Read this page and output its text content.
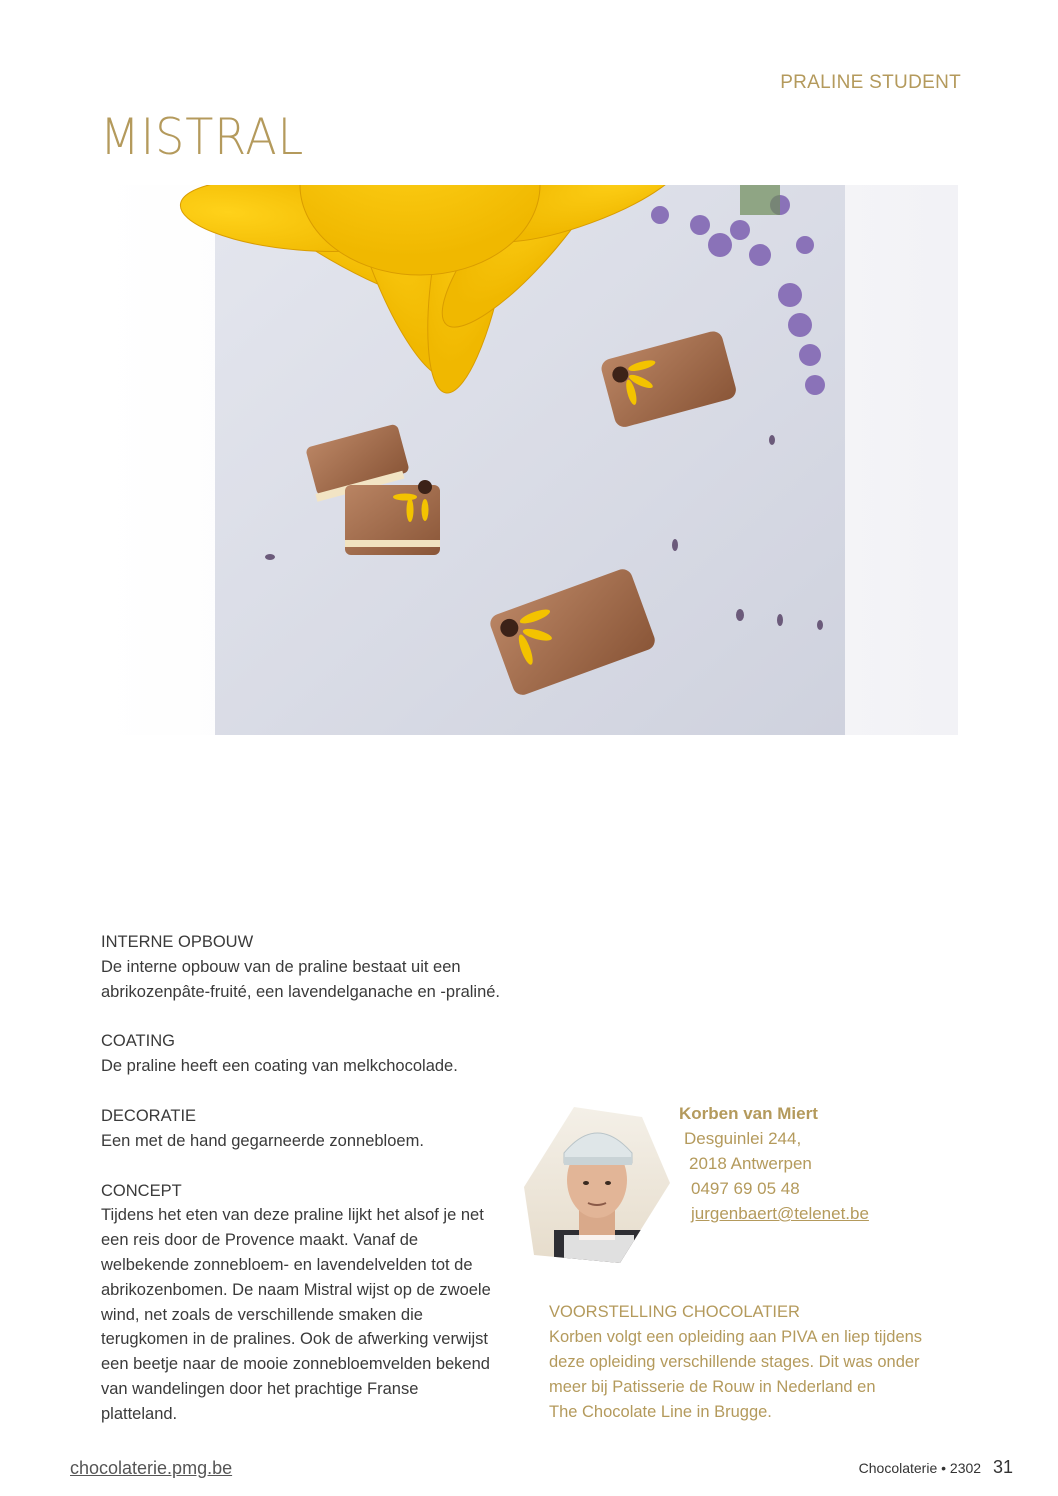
PRALINE STUDENT
MISTRAL
INTERNE OPBOUW
De interne opbouw van de praline bestaat uit een
abrikozenpâte-fruité, een lavendelganache en -praliné.
COATING
De praline heeft een coating van melkchocolade.
DECORATIE
Een met de hand gegarneerde zonnebloem.
CONCEPT
Tijdens het eten van deze praline lijkt het alsof je net
een reis door de Provence maakt. Vanaf de
welbekende zonnebloem- en lavendelvelden tot de
abrikozenbomen. De naam Mistral wijst op de zwoele
wind, net zoals de verschillende smaken die
terugkomen in de pralines. Ook de afwerking verwijst
een beetje naar de mooie zonnebloemvelden bekend
van wandelingen door het prachtige Franse
platteland.
Korben van Miert
Desguinlei 244,
2018 Antwerpen
0497 69 05 48
jurgenbaert@telenet.be
VOORSTELLING CHOCOLATIER
Korben volgt een opleiding aan PIVA en liep tijdens
deze opleiding verschillende stages. Dit was onder
meer bij Patisserie de Rouw in Nederland en
The Chocolate Line in Brugge.
chocolaterie.pmg.be	Chocolaterie • 2302 31
